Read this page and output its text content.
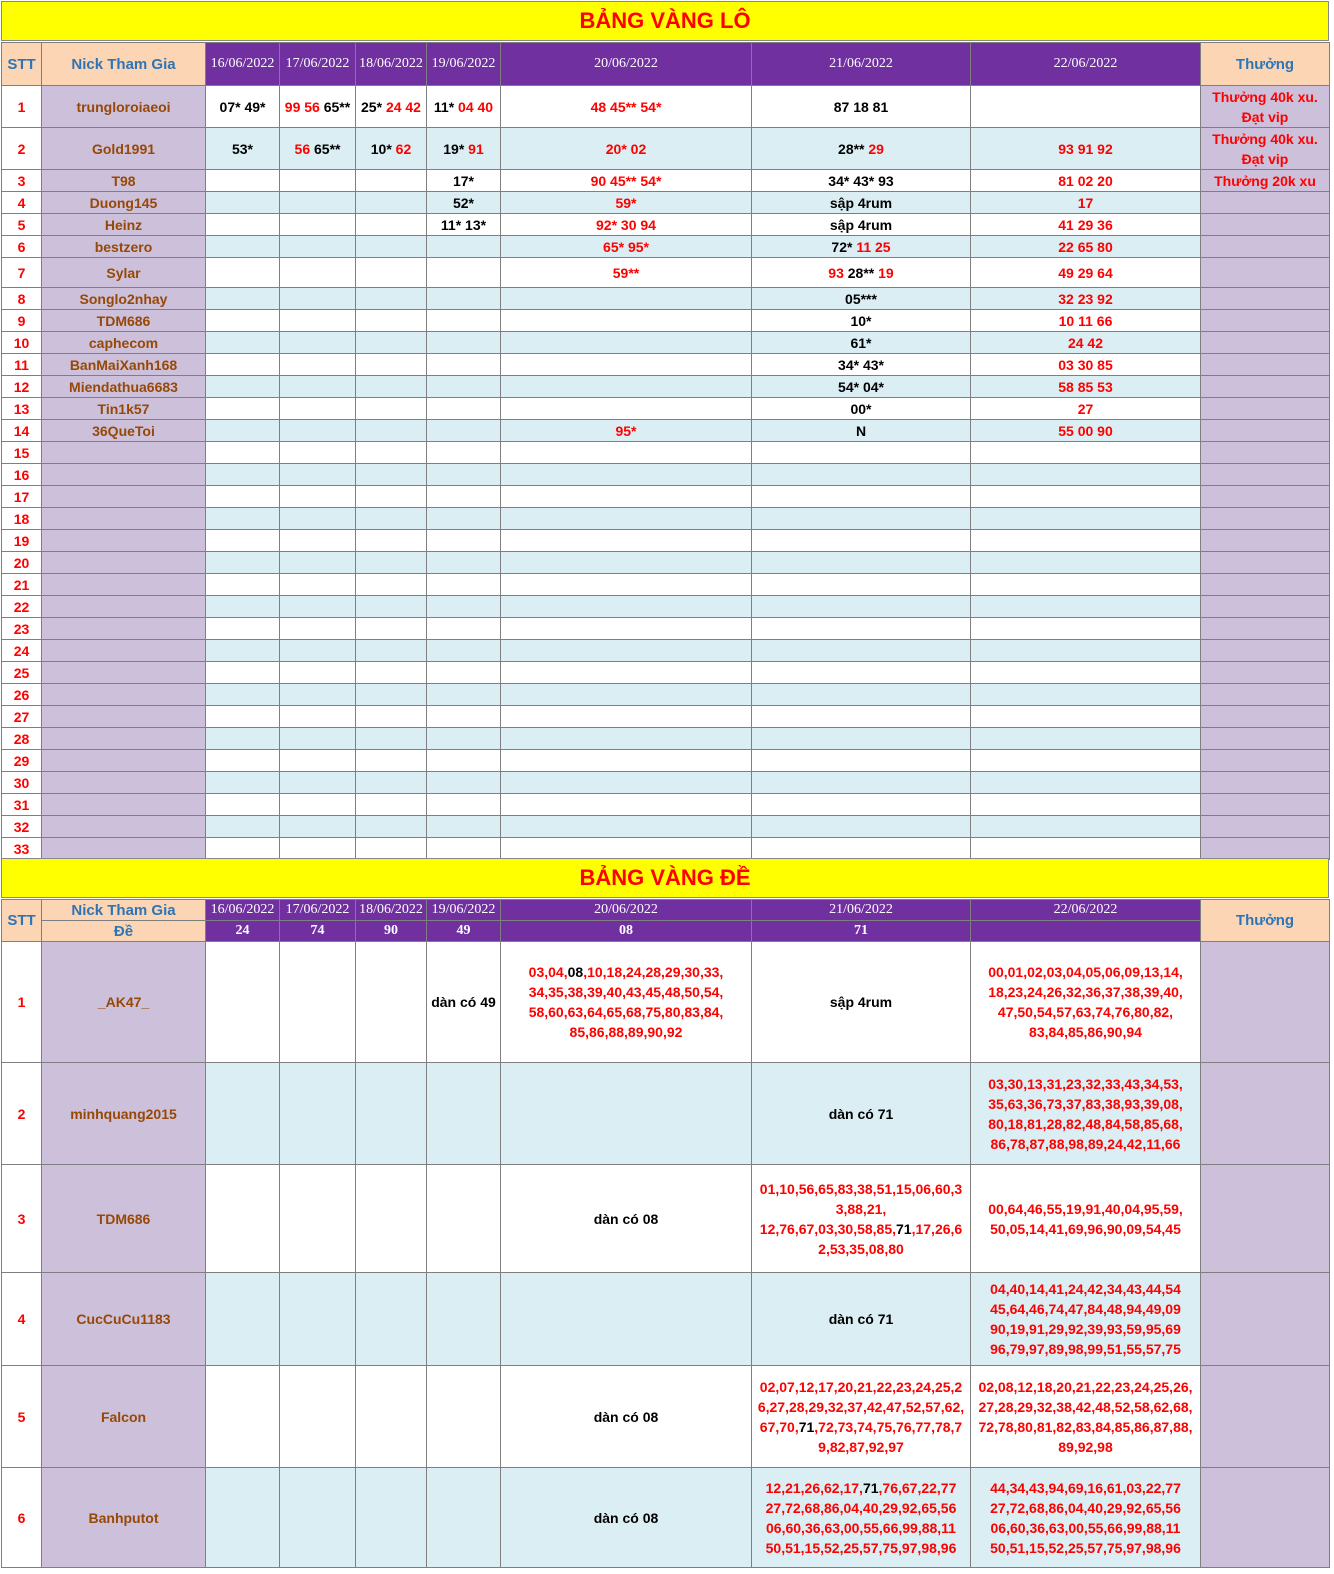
BẢNG VÀNG LÔ
STT	Nick Tham Gia	16/06/2022	17/06/2022	18/06/2022	19/06/2022	20/06/2022	21/06/2022	22/06/2022	Thưởng
1	trungloroiaeoi	07* 49*	99 56 65**	25* 24 42	11* 04 40	48 45** 54*	87 18 81		Thưởng 40k xu. Đạt vip
2	Gold1991	53*	56 65**	10* 62	19* 91	20* 02	28** 29	93 91 92	Thưởng 40k xu. Đạt vip
3	T98				17*	90 45** 54*	34* 43* 93	81 02 20	Thưởng 20k xu
4	Duong145				52*	59*	sập 4rum	17	
5	Heinz				11* 13*	92* 30 94	sập 4rum	41 29 36	
6	bestzero					65* 95*	72* 11 25	22 65 80	
7	Sylar					59**	93 28** 19	49 29 64	
8	Songlo2nhay						05***	32 23 92	
9	TDM686						10*	10 11 66	
10	caphecom						61*	24 42	
11	BanMaiXanh168						34* 43*	03 30 85	
12	Miendathua6683						54* 04*	58 85 53	
13	Tin1k57						00*	27	
14	36QueToi					95*	N	55 00 90	
15									
16									
17									
18									
19									
20									
21									
22									
23									
24									
25									
26									
27									
28									
29									
30									
31									
32									
33									
BẢNG VÀNG ĐỀ
STT	Nick Tham Gia	16/06/2022	17/06/2022	18/06/2022	19/06/2022	20/06/2022	21/06/2022	22/06/2022	Thưởng
	Đề	24	74	90	49	08	71		
1	_AK47_				dàn có 49	03,04,08,10,18,24,28,29,30,33,
34,35,38,39,40,43,45,48,50,54,
58,60,63,64,65,68,75,80,83,84,
85,86,88,89,90,92	sập 4rum	00,01,02,03,04,05,06,09,13,14,
18,23,24,26,32,36,37,38,39,40,
47,50,54,57,63,74,76,80,82,
83,84,85,86,90,94	
2	minhquang2015						dàn có 71	03,30,13,31,23,32,33,43,34,53,
35,63,36,73,37,83,38,93,39,08,
80,18,81,28,82,48,84,58,85,68,
86,78,87,88,98,89,24,42,11,66	
3	TDM686					dàn có 08	01,10,56,65,83,38,51,15,06,60,3
3,88,21,
12,76,67,03,30,58,85,71,17,26,6
2,53,35,08,80	00,64,46,55,19,91,40,04,95,59,
50,05,14,41,69,96,90,09,54,45	
4	CucCuCu1183						dàn có 71	04,40,14,41,24,42,34,43,44,54
45,64,46,74,47,84,48,94,49,09
90,19,91,29,92,39,93,59,95,69
96,79,97,89,98,99,51,55,57,75	
5	Falcon					dàn có 08	02,07,12,17,20,21,22,23,24,25,2
6,27,28,29,32,37,42,47,52,57,62,
67,70,71,72,73,74,75,76,77,78,7
9,82,87,92,97	02,08,12,18,20,21,22,23,24,25,26,
27,28,29,32,38,42,48,52,58,62,68,
72,78,80,81,82,83,84,85,86,87,88,
89,92,98	
6	Banhputot					dàn có 08	12,21,26,62,17,71,76,67,22,77
27,72,68,86,04,40,29,92,65,56
06,60,36,63,00,55,66,99,88,11
50,51,15,52,25,57,75,97,98,96	44,34,43,94,69,16,61,03,22,77
27,72,68,86,04,40,29,92,65,56
06,60,36,63,00,55,66,99,88,11
50,51,15,52,25,57,75,97,98,96	
